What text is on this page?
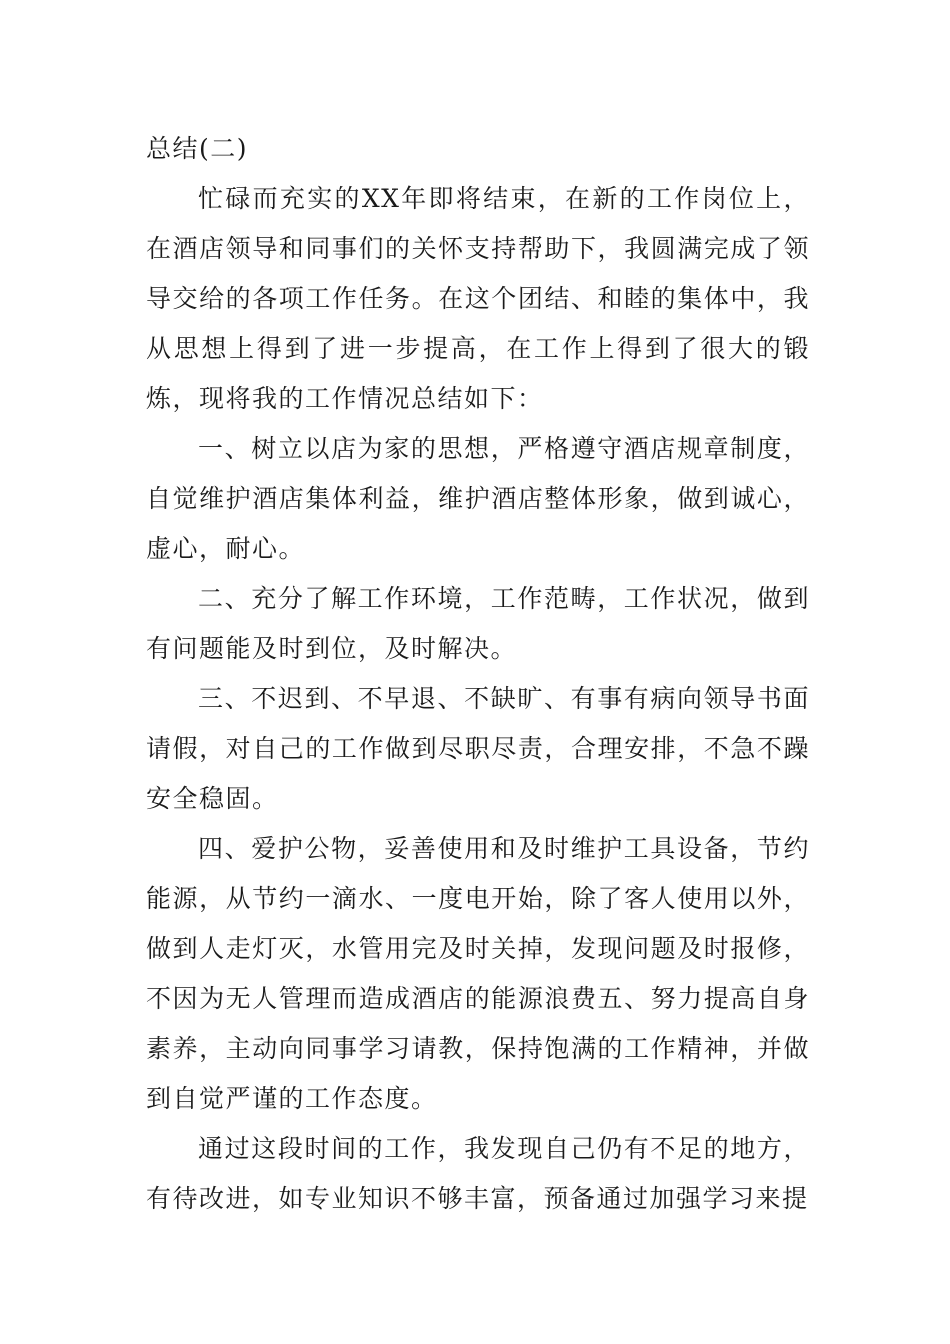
总结(二)

忙碌而充实的XX年即将结束，在新的工作岗位上，在酒店领导和同事们的关怀支持帮助下，我圆满完成了领导交给的各项工作任务。在这个团结、和睦的集体中，我从思想上得到了进一步提高，在工作上得到了很大的锻炼，现将我的工作情况总结如下：

一、树立以店为家的思想，严格遵守酒店规章制度，自觉维护酒店集体利益，维护酒店整体形象，做到诚心，虚心，耐心。

二、充分了解工作环境，工作范畴，工作状况，做到有问题能及时到位，及时解决。

三、不迟到、不早退、不缺旷、有事有病向领导书面请假，对自己的工作做到尽职尽责，合理安排，不急不躁安全稳固。

四、爱护公物，妥善使用和及时维护工具设备，节约能源，从节约一滴水、一度电开始，除了客人使用以外，做到人走灯灭，水管用完及时关掉，发现问题及时报修，不因为无人管理而造成酒店的能源浪费五、努力提高自身素养，主动向同事学习请教，保持饱满的工作精神，并做到自觉严谨的工作态度。

通过这段时间的工作，我发现自己仍有不足的地方，有待改进，如专业知识不够丰富，预备通过加强学习来提
